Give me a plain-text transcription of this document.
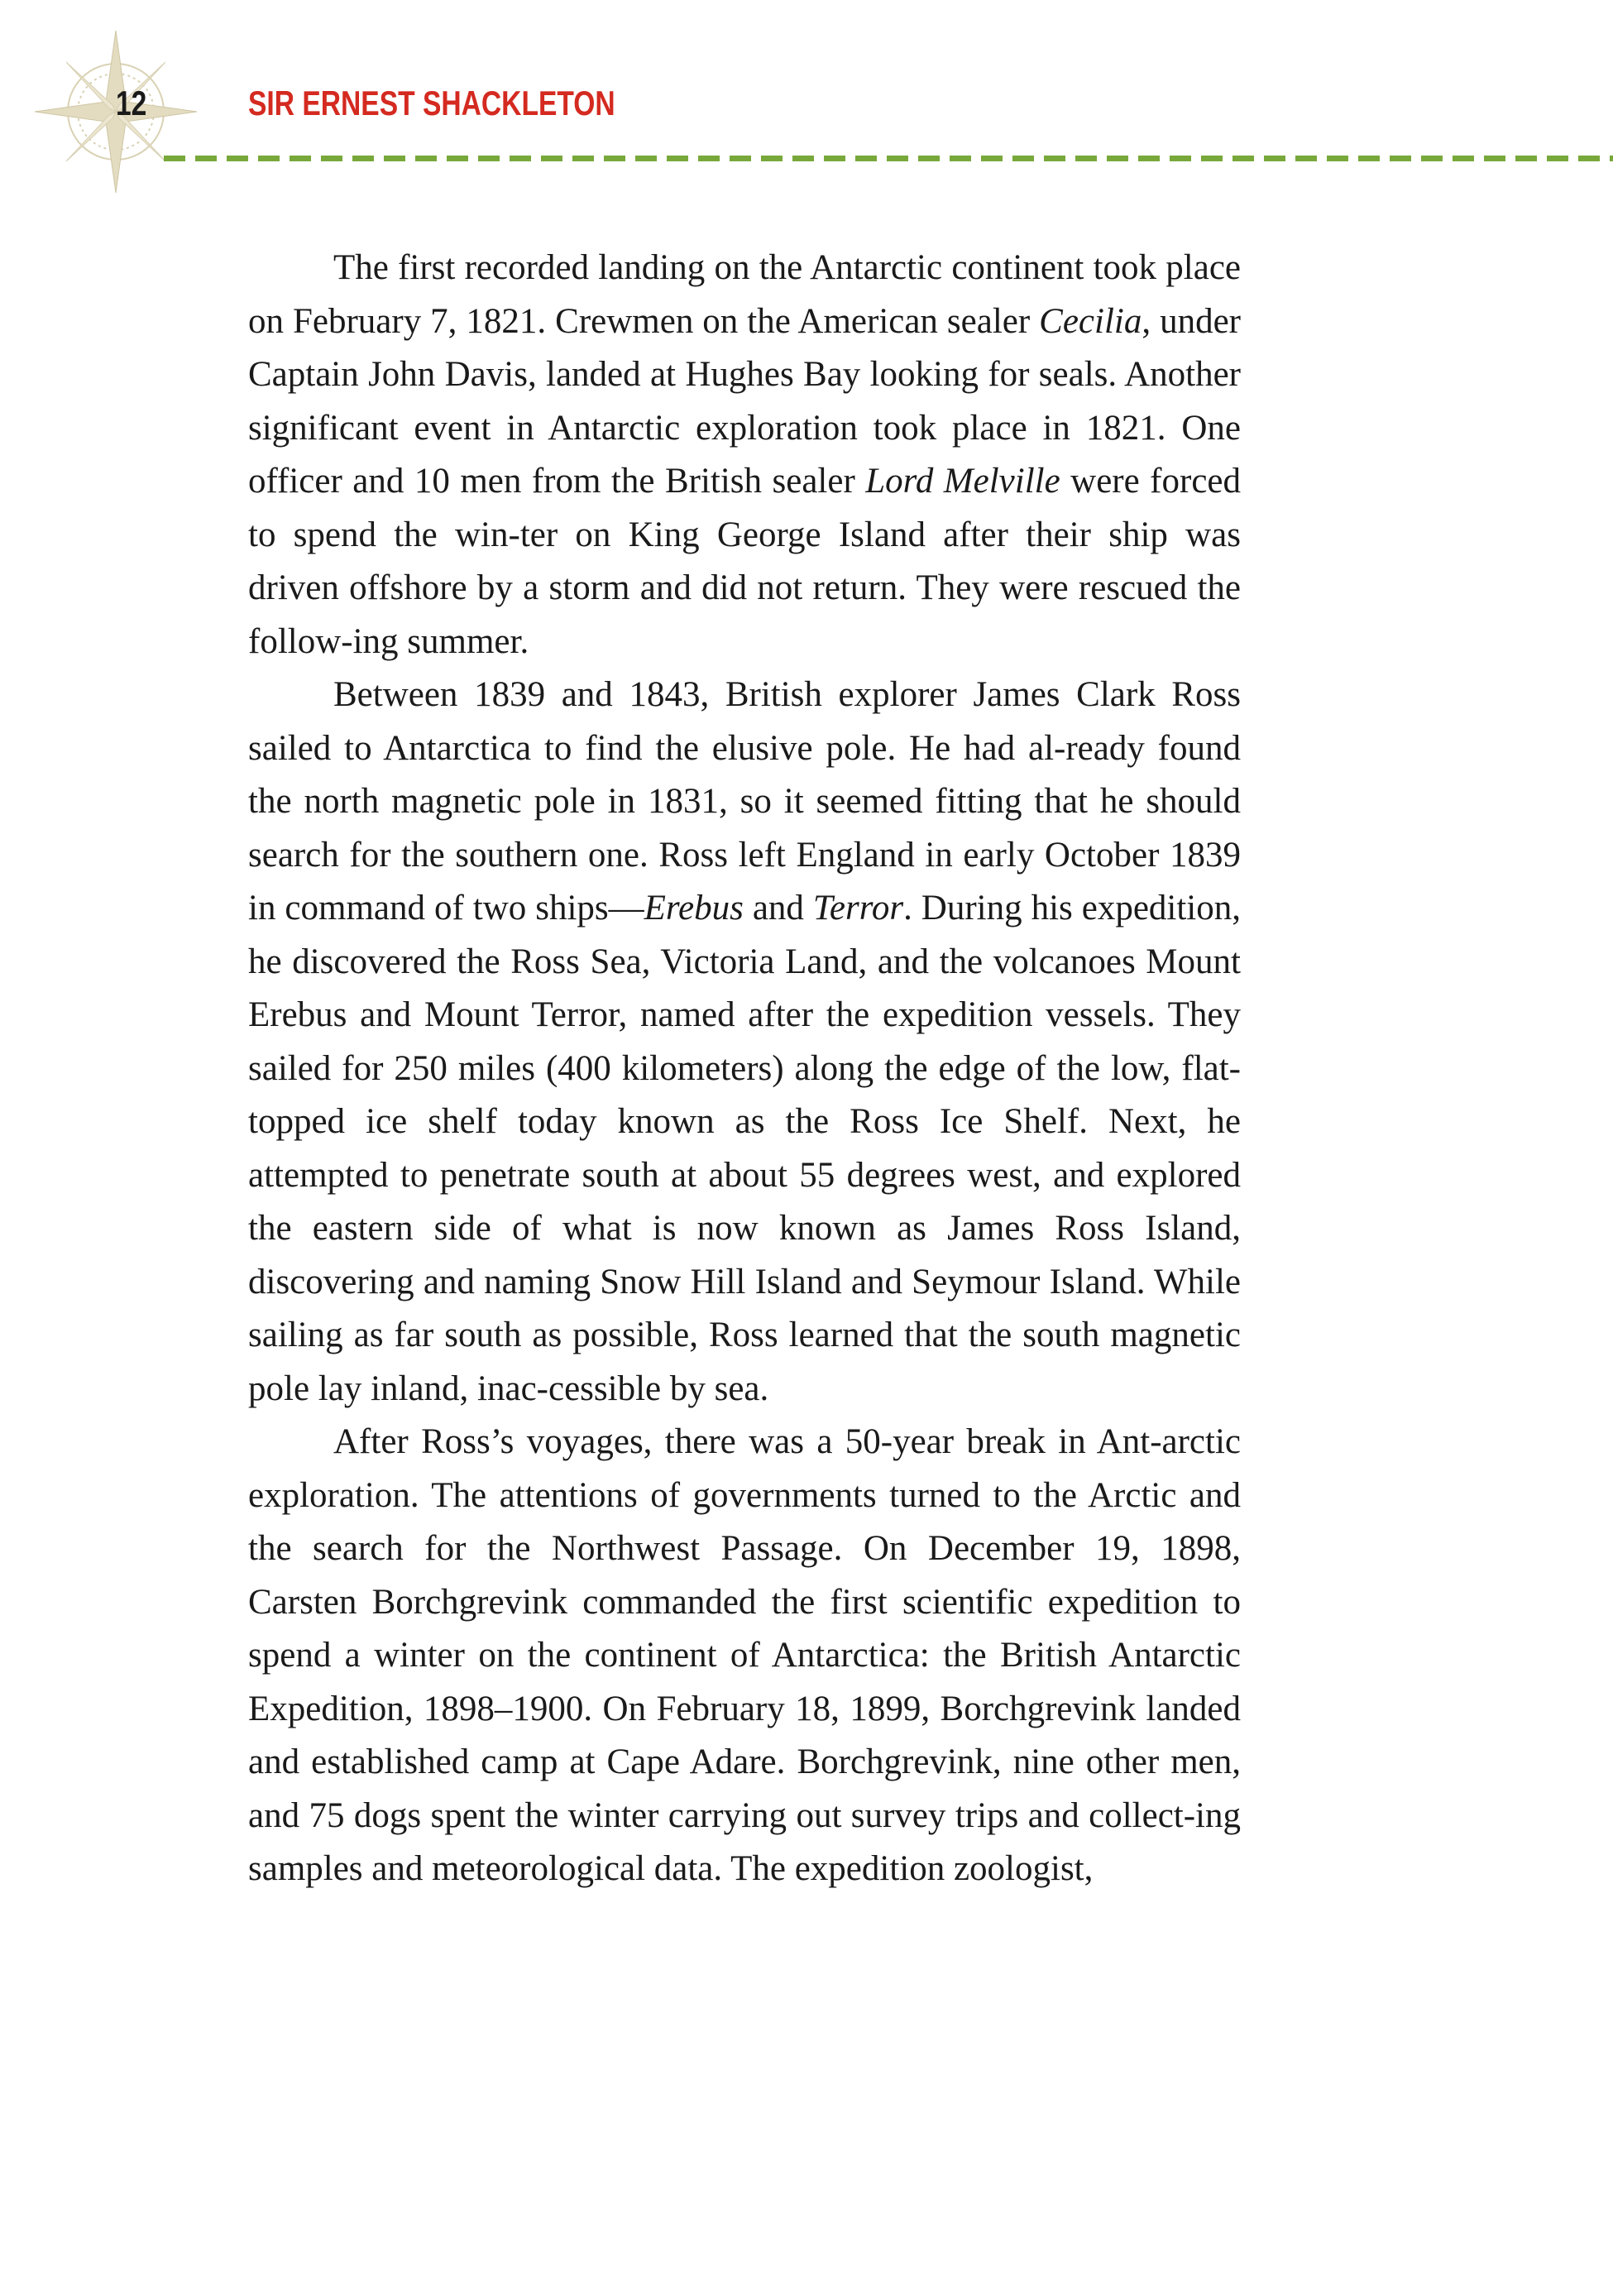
12	SIR ERNEST SHACKLETON

The first recorded landing on the Antarctic continent took place on February 7, 1821. Crewmen on the American sealer Cecilia, under Captain John Davis, landed at Hughes Bay looking for seals. Another significant event in Antarctic exploration took place in 1821. One officer and 10 men from the British sealer Lord Melville were forced to spend the win-ter on King George Island after their ship was driven offshore by a storm and did not return. They were rescued the follow-ing summer.

Between 1839 and 1843, British explorer James Clark Ross sailed to Antarctica to find the elusive pole. He had al-ready found the north magnetic pole in 1831, so it seemed fitting that he should search for the southern one. Ross left England in early October 1839 in command of two ships—Erebus and Terror. During his expedition, he discovered the Ross Sea, Victoria Land, and the volcanoes Mount Erebus and Mount Terror, named after the expedition vessels. They sailed for 250 miles (400 kilometers) along the edge of the low, flat-topped ice shelf today known as the Ross Ice Shelf. Next, he attempted to penetrate south at about 55 degrees west, and explored the eastern side of what is now known as James Ross Island, discovering and naming Snow Hill Island and Seymour Island. While sailing as far south as possible, Ross learned that the south magnetic pole lay inland, inac-cessible by sea.

After Ross’s voyages, there was a 50-year break in Ant-arctic exploration. The attentions of governments turned to the Arctic and the search for the Northwest Passage. On December 19, 1898, Carsten Borchgrevink commanded the first scientific expedition to spend a winter on the continent of Antarctica: the British Antarctic Expedition, 1898–1900. On February 18, 1899, Borchgrevink landed and established camp at Cape Adare. Borchgrevink, nine other men, and 75 dogs spent the winter carrying out survey trips and collect-ing samples and meteorological data. The expedition zoologist,
